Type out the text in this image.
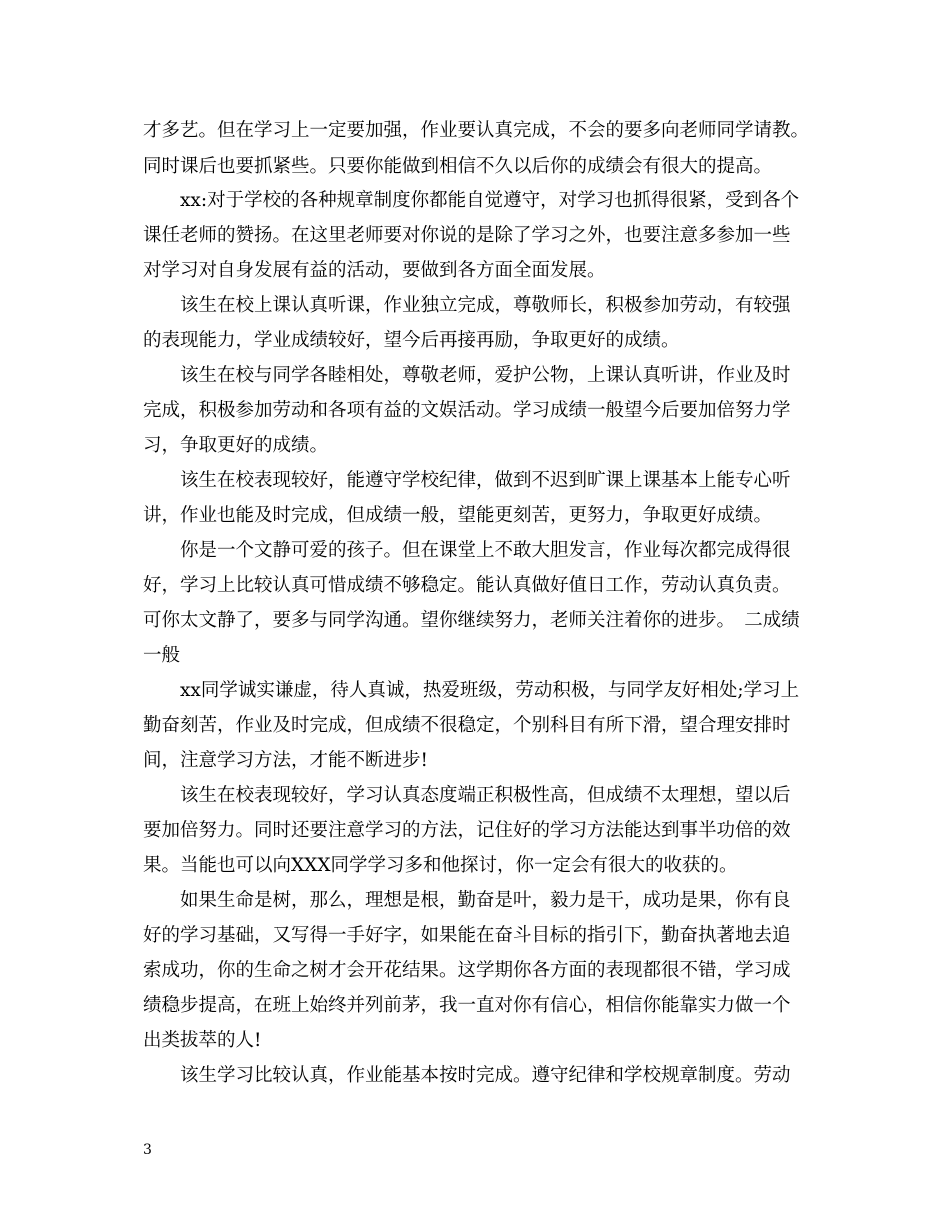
才多艺。但在学习上一定要加强，作业要认真完成，不会的要多向老师同学请教。
同时课后也要抓紧些。只要你能做到相信不久以后你的成绩会有很大的提高。
　　xx:对于学校的各种规章制度你都能自觉遵守，对学习也抓得很紧，受到各个
课任老师的赞扬。在这里老师要对你说的是除了学习之外，也要注意多参加一些
对学习对自身发展有益的活动，要做到各方面全面发展。
　　该生在校上课认真听课，作业独立完成，尊敬师长，积极参加劳动，有较强
的表现能力，学业成绩较好，望今后再接再励，争取更好的成绩。
　　该生在校与同学各睦相处，尊敬老师，爱护公物，上课认真听讲，作业及时
完成，积极参加劳动和各项有益的文娱活动。学习成绩一般望今后要加倍努力学
习，争取更好的成绩。
　　该生在校表现较好，能遵守学校纪律，做到不迟到旷课上课基本上能专心听
讲，作业也能及时完成，但成绩一般，望能更刻苦，更努力，争取更好成绩。
　　你是一个文静可爱的孩子。但在课堂上不敢大胆发言，作业每次都完成得很
好，学习上比较认真可惜成绩不够稳定。能认真做好值日工作，劳动认真负责。
可你太文静了，要多与同学沟通。望你继续努力，老师关注着你的进步。　二成绩
一般
　　xx同学诚实谦虚，待人真诚，热爱班级，劳动积极，与同学友好相处;学习上
勤奋刻苦，作业及时完成，但成绩不很稳定，个别科目有所下滑，望合理安排时
间，注意学习方法，才能不断进步!
　　该生在校表现较好，学习认真态度端正积极性高，但成绩不太理想，望以后
要加倍努力。同时还要注意学习的方法，记住好的学习方法能达到事半功倍的效
果。当能也可以向XXX同学学习多和他探讨，你一定会有很大的收获的。
　　如果生命是树，那么，理想是根，勤奋是叶，毅力是干，成功是果，你有良
好的学习基础，又写得一手好字，如果能在奋斗目标的指引下，勤奋执著地去追
索成功，你的生命之树才会开花结果。这学期你各方面的表现都很不错，学习成
绩稳步提高，在班上始终并列前茅，我一直对你有信心，相信你能靠实力做一个
出类拔萃的人!
　　该生学习比较认真，作业能基本按时完成。遵守纪律和学校规章制度。劳动
3
